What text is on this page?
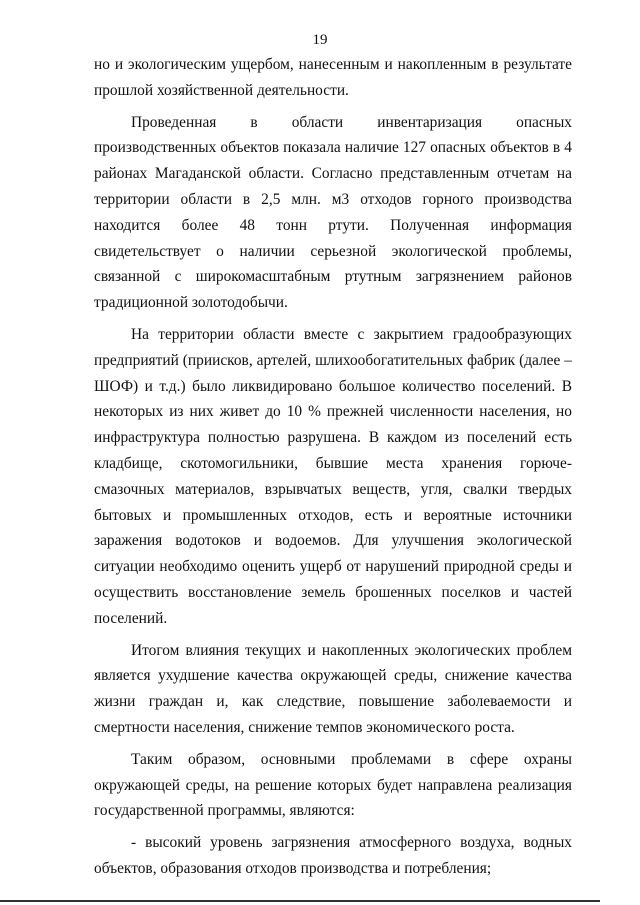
19

но и экологическим ущербом, нанесенным и накопленным в результате прошлой хозяйственной деятельности.

Проведенная в области инвентаризация опасных производственных объектов показала наличие 127 опасных объектов в 4 районах Магаданской области. Согласно представленным отчетам на территории области в 2,5 млн. м3 отходов горного производства находится более 48 тонн ртути. Полученная информация свидетельствует о наличии серьезной экологической проблемы, связанной с широкомасштабным ртутным загрязнением районов традиционной золотодобычи.

На территории области вместе с закрытием градообразующих предприятий (приисков, артелей, шлихообогатительных фабрик (далее – ШОФ) и т.д.) было ликвидировано большое количество поселений. В некоторых из них живет до 10 % прежней численности населения, но инфраструктура полностью разрушена. В каждом из поселений есть кладбище, скотомогильники, бывшие места хранения горюче-смазочных материалов, взрывчатых веществ, угля, свалки твердых бытовых и промышленных отходов, есть и вероятные источники заражения водотоков и водоемов. Для улучшения экологической ситуации необходимо оценить ущерб от нарушений природной среды и осуществить восстановление земель брошенных поселков и частей поселений.

Итогом влияния текущих и накопленных экологических проблем является ухудшение качества окружающей среды, снижение качества жизни граждан и, как следствие, повышение заболеваемости и смертности населения, снижение темпов экономического роста.

Таким образом, основными проблемами в сфере охраны окружающей среды, на решение которых будет направлена реализация государственной программы, являются:

- высокий уровень загрязнения атмосферного воздуха, водных объектов, образования отходов производства и потребления;
